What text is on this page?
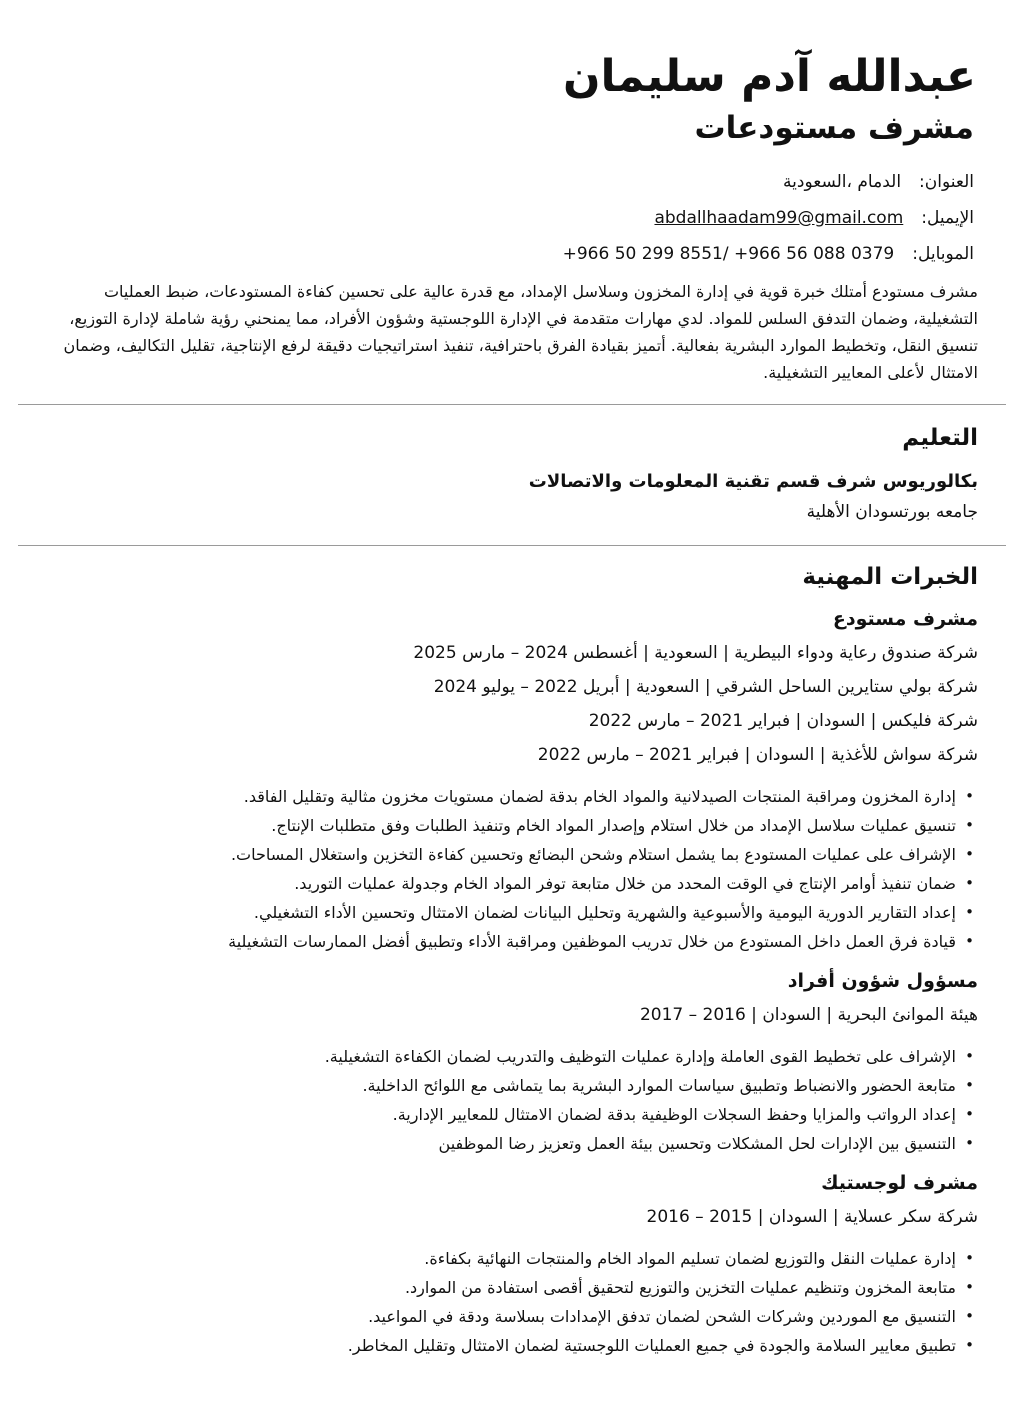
عبدالله آدم سليمان
مشرف مستودعات
العنوان:
الدمام ،السعودية
الإيميل:
abdallhaadam99@gmail.com
الموبايل:
+966 50 299 8551/ +966 56 088 0379

مشرف مستودع أمتلك خبرة قوية في إدارة المخزون وسلاسل الإمداد، مع قدرة عالية على تحسين كفاءة المستودعات، ضبط العمليات التشغيلية، وضمان التدفق السلس للمواد. لدي مهارات متقدمة في الإدارة اللوجستية وشؤون الأفراد، مما يمنحني رؤية شاملة لإدارة التوزيع، تنسيق النقل، وتخطيط الموارد البشرية بفعالية. أتميز بقيادة الفرق باحترافية، تنفيذ استراتيجيات دقيقة لرفع الإنتاجية، تقليل التكاليف، وضمان الامتثال لأعلى المعايير التشغيلية.

التعليم
بكالوريوس شرف قسم تقنية المعلومات والاتصالات
جامعه بورتسودان الأهلية
الخبرات المهنية
مشرف مستودع
شركة صندوق رعاية ودواء البيطرية | السعودية | أغسطس 2024 – مارس 2025
شركة بولي ستايرين الساحل الشرقي | السعودية | أبريل 2022 – يوليو 2024
شركة فليكس | السودان | فبراير 2021 – مارس 2022
شركة سواش للأغذية | السودان | فبراير 2021 – مارس 2022
• إدارة المخزون ومراقبة المنتجات الصيدلانية والمواد الخام بدقة لضمان مستويات مخزون مثالية وتقليل الفاقد.
• تنسيق عمليات سلاسل الإمداد من خلال استلام وإصدار المواد الخام وتنفيذ الطلبات وفق متطلبات الإنتاج.
• الإشراف على عمليات المستودع بما يشمل استلام وشحن البضائع وتحسين كفاءة التخزين واستغلال المساحات.
• ضمان تنفيذ أوامر الإنتاج في الوقت المحدد من خلال متابعة توفر المواد الخام وجدولة عمليات التوريد.
• إعداد التقارير الدورية اليومية والأسبوعية والشهرية وتحليل البيانات لضمان الامتثال وتحسين الأداء التشغيلي.
• قيادة فرق العمل داخل المستودع من خلال تدريب الموظفين ومراقبة الأداء وتطبيق أفضل الممارسات التشغيلية
مسؤول شؤون أفراد
هيئة الموانئ البحرية | السودان | 2016 – 2017
• الإشراف على تخطيط القوى العاملة وإدارة عمليات التوظيف والتدريب لضمان الكفاءة التشغيلية.
• متابعة الحضور والانضباط وتطبيق سياسات الموارد البشرية بما يتماشى مع اللوائح الداخلية.
• إعداد الرواتب والمزايا وحفظ السجلات الوظيفية بدقة لضمان الامتثال للمعايير الإدارية.
• التنسيق بين الإدارات لحل المشكلات وتحسين بيئة العمل وتعزيز رضا الموظفين
مشرف لوجستيك
شركة سكر عسلاية | السودان | 2015 – 2016
• إدارة عمليات النقل والتوزيع لضمان تسليم المواد الخام والمنتجات النهائية بكفاءة.
• متابعة المخزون وتنظيم عمليات التخزين والتوزيع لتحقيق أقصى استفادة من الموارد.
• التنسيق مع الموردين وشركات الشحن لضمان تدفق الإمدادات بسلاسة ودقة في المواعيد.
• تطبيق معايير السلامة والجودة في جميع العمليات اللوجستية لضمان الامتثال وتقليل المخاطر.
